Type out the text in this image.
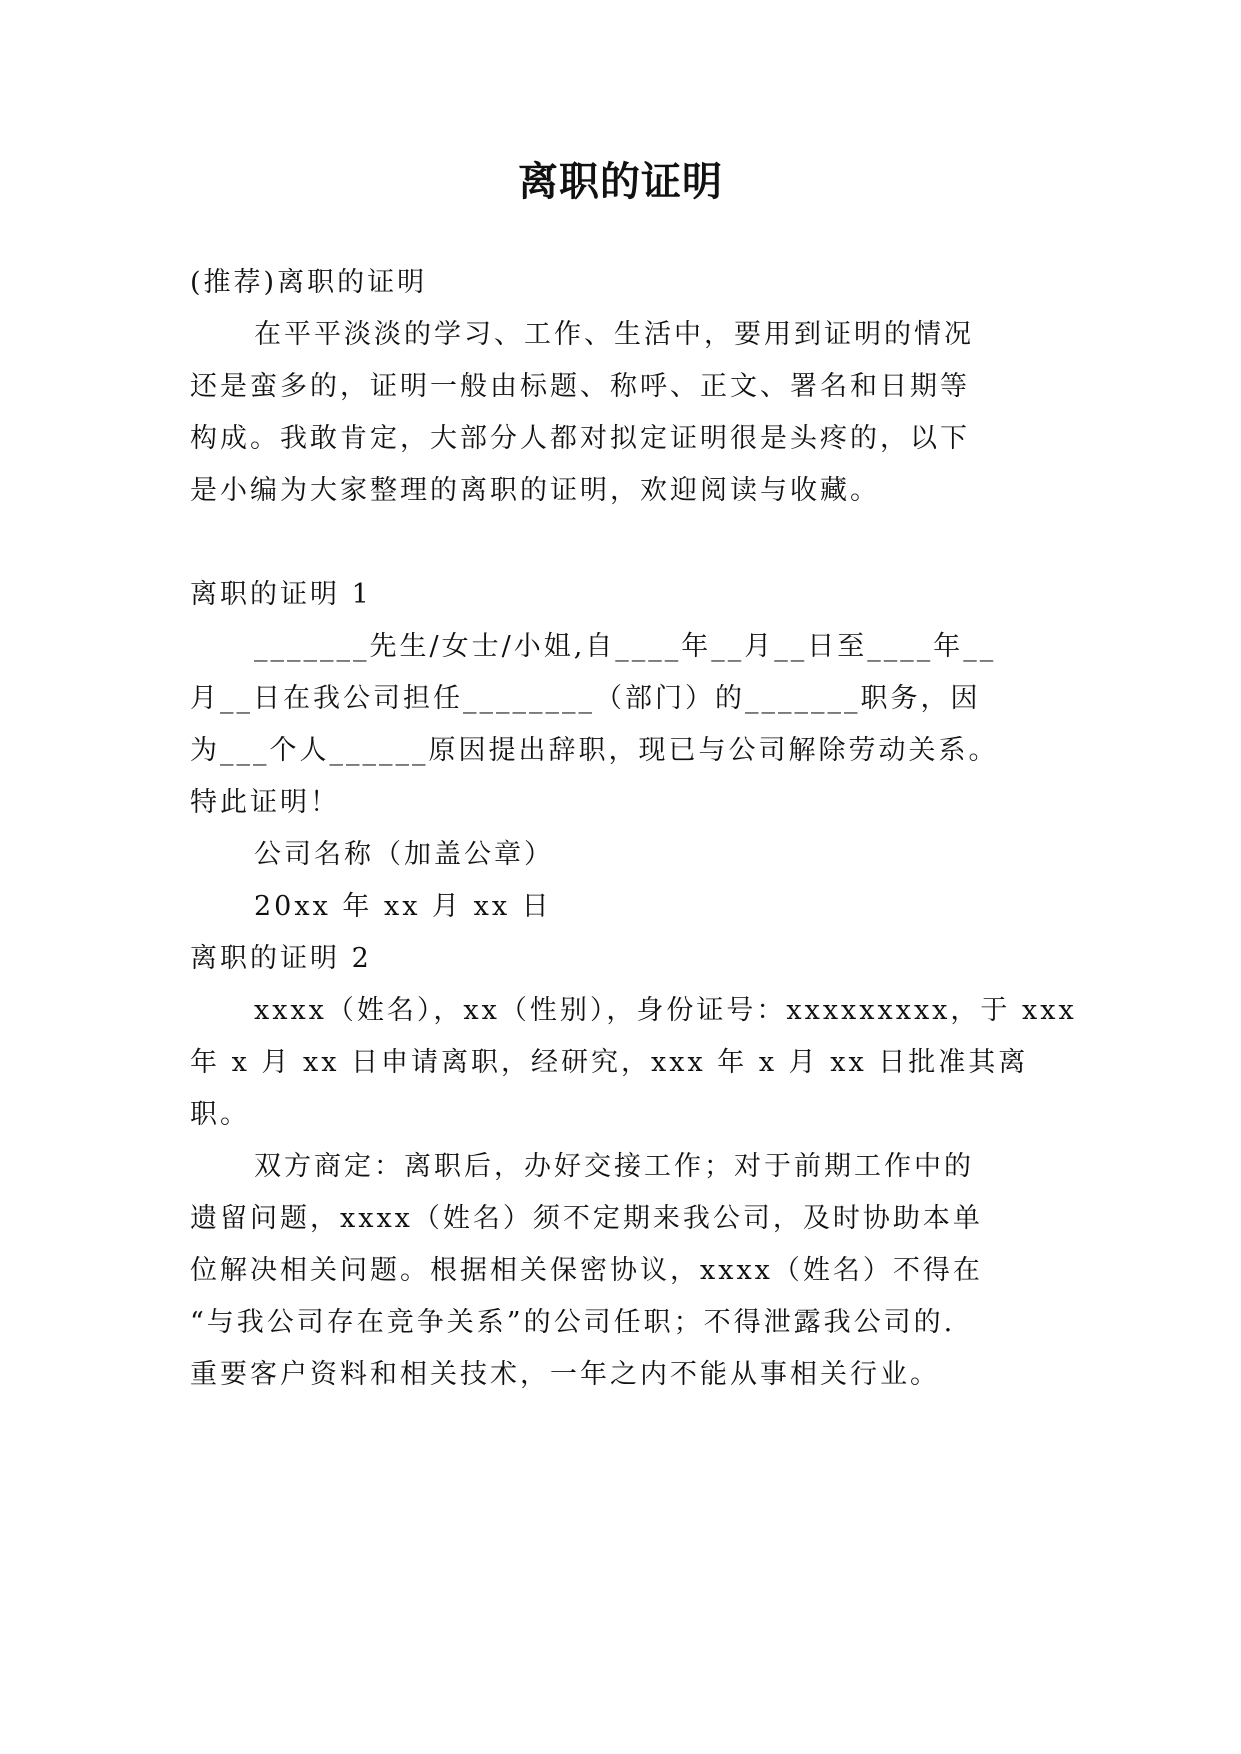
离职的证明
(推荐)离职的证明
在平平淡淡的学习、工作、生活中，要用到证明的情况
还是蛮多的，证明一般由标题、称呼、正文、署名和日期等
构成。我敢肯定，大部分人都对拟定证明很是头疼的，以下
是小编为大家整理的离职的证明，欢迎阅读与收藏。
离职的证明 1
_______先生/女士/小姐,自____年__月__日至____年__
月__日在我公司担任________（部门）的_______职务，因
为___个人______原因提出辞职，现已与公司解除劳动关系。
特此证明！
公司名称（加盖公章）
20xx 年 xx 月 xx 日
离职的证明 2
xxxx（姓名），xx（性别），身份证号：xxxxxxxxx，于 xxx
年 x 月 xx 日申请离职，经研究，xxx 年 x 月 xx 日批准其离
职。
双方商定：离职后，办好交接工作；对于前期工作中的
遗留问题，xxxx（姓名）须不定期来我公司，及时协助本单
位解决相关问题。根据相关保密协议，xxxx（姓名）不得在
“与我公司存在竞争关系”的公司任职；不得泄露我公司的.
重要客户资料和相关技术，一年之内不能从事相关行业。
